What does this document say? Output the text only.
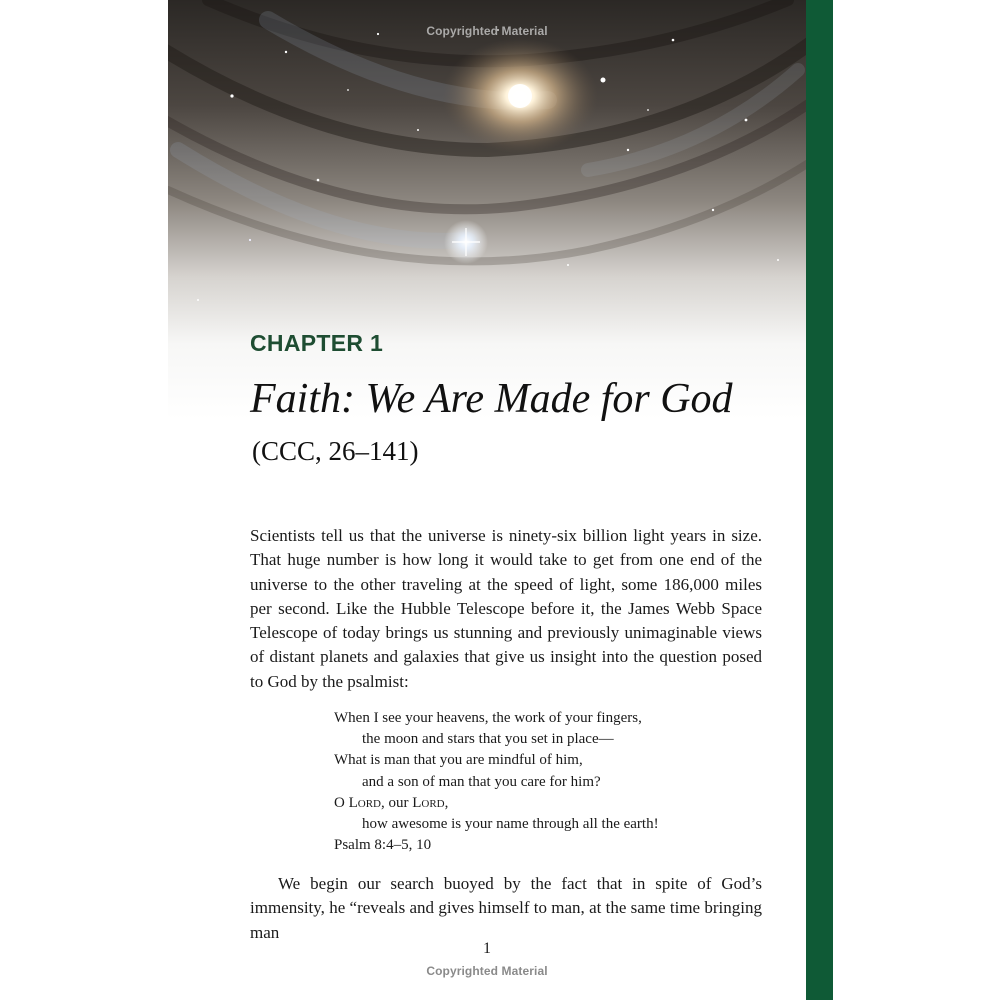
Copyrighted Material
CHAPTER 1
Faith: We Are Made for God
(CCC, 26–141)

Scientists tell us that the universe is ninety-six billion light years in size. That huge number is how long it would take to get from one end of the universe to the other traveling at the speed of light, some 186,000 miles per second. Like the Hubble Telescope before it, the James Webb Space Telescope of today brings us stunning and previously unimaginable views of distant planets and galaxies that give us insight into the question posed to God by the psalmist:

When I see your heavens, the work of your fingers,
the moon and stars that you set in place—
What is man that you are mindful of him,
and a son of man that you care for him?
O Lord, our Lord,
how awesome is your name through all the earth!
Psalm 8:4–5, 10

We begin our search buoyed by the fact that in spite of God’s immensity, he “reveals and gives himself to man, at the same time bringing man

1
Copyrighted Material
